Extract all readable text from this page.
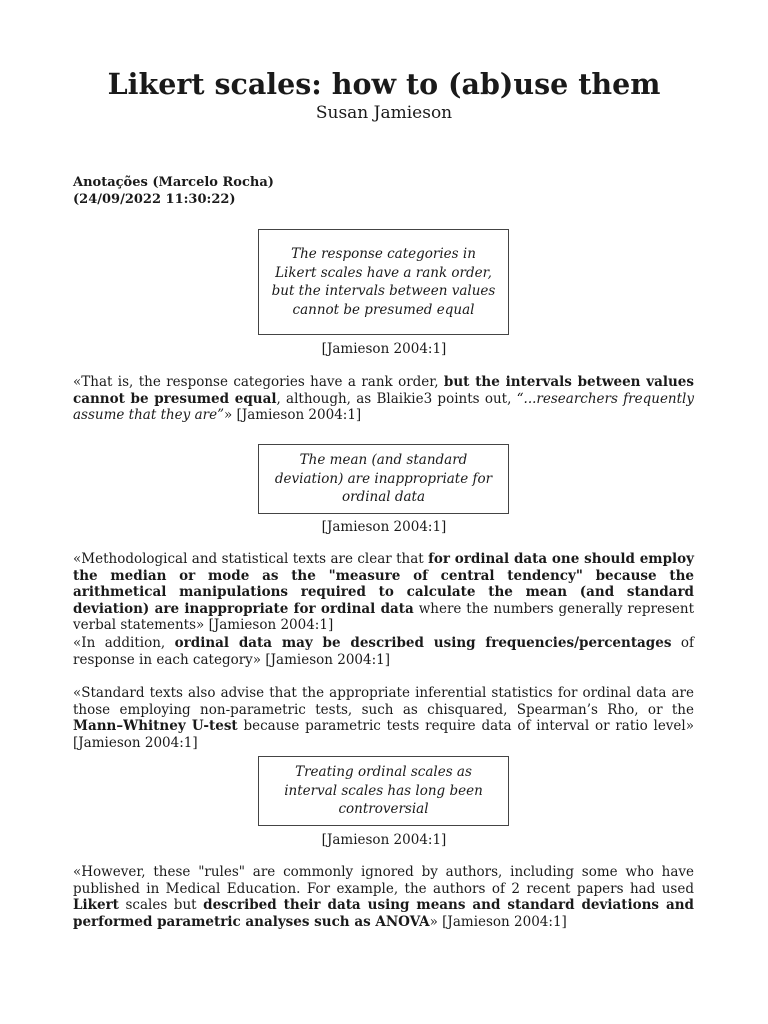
Likert scales: how to (ab)use them
Susan Jamieson
Anotações (Marcelo Rocha)
(24/09/2022 11:30:22)
The response categories in Likert scales have a rank order, but the intervals between values cannot be presumed equal
[Jamieson 2004:1]
«That is, the response categories have a rank order, but the intervals between values cannot be presumed equal, although, as Blaikie3 points out, “...researchers frequently assume that they are”» [Jamieson 2004:1]
The mean (and standard deviation) are inappropriate for ordinal data
[Jamieson 2004:1]
«Methodological and statistical texts are clear that for ordinal data one should employ the median or mode as the "measure of central tendency" because the arithmetical manipulations required to calculate the mean (and standard deviation) are inappropriate for ordinal data where the numbers generally represent verbal statements» [Jamieson 2004:1]
«In addition, ordinal data may be described using frequencies/percentages of response in each category» [Jamieson 2004:1]
«Standard texts also advise that the appropriate inferential statistics for ordinal data are those employing non-parametric tests, such as chisquared, Spearman’s Rho, or the Mann–Whitney U-test because parametric tests require data of interval or ratio level» [Jamieson 2004:1]
Treating ordinal scales as interval scales has long been controversial
[Jamieson 2004:1]
«However, these "rules" are commonly ignored by authors, including some who have published in Medical Education. For example, the authors of 2 recent papers had used Likert scales but described their data using means and standard deviations and performed parametric analyses such as ANOVA» [Jamieson 2004:1]
